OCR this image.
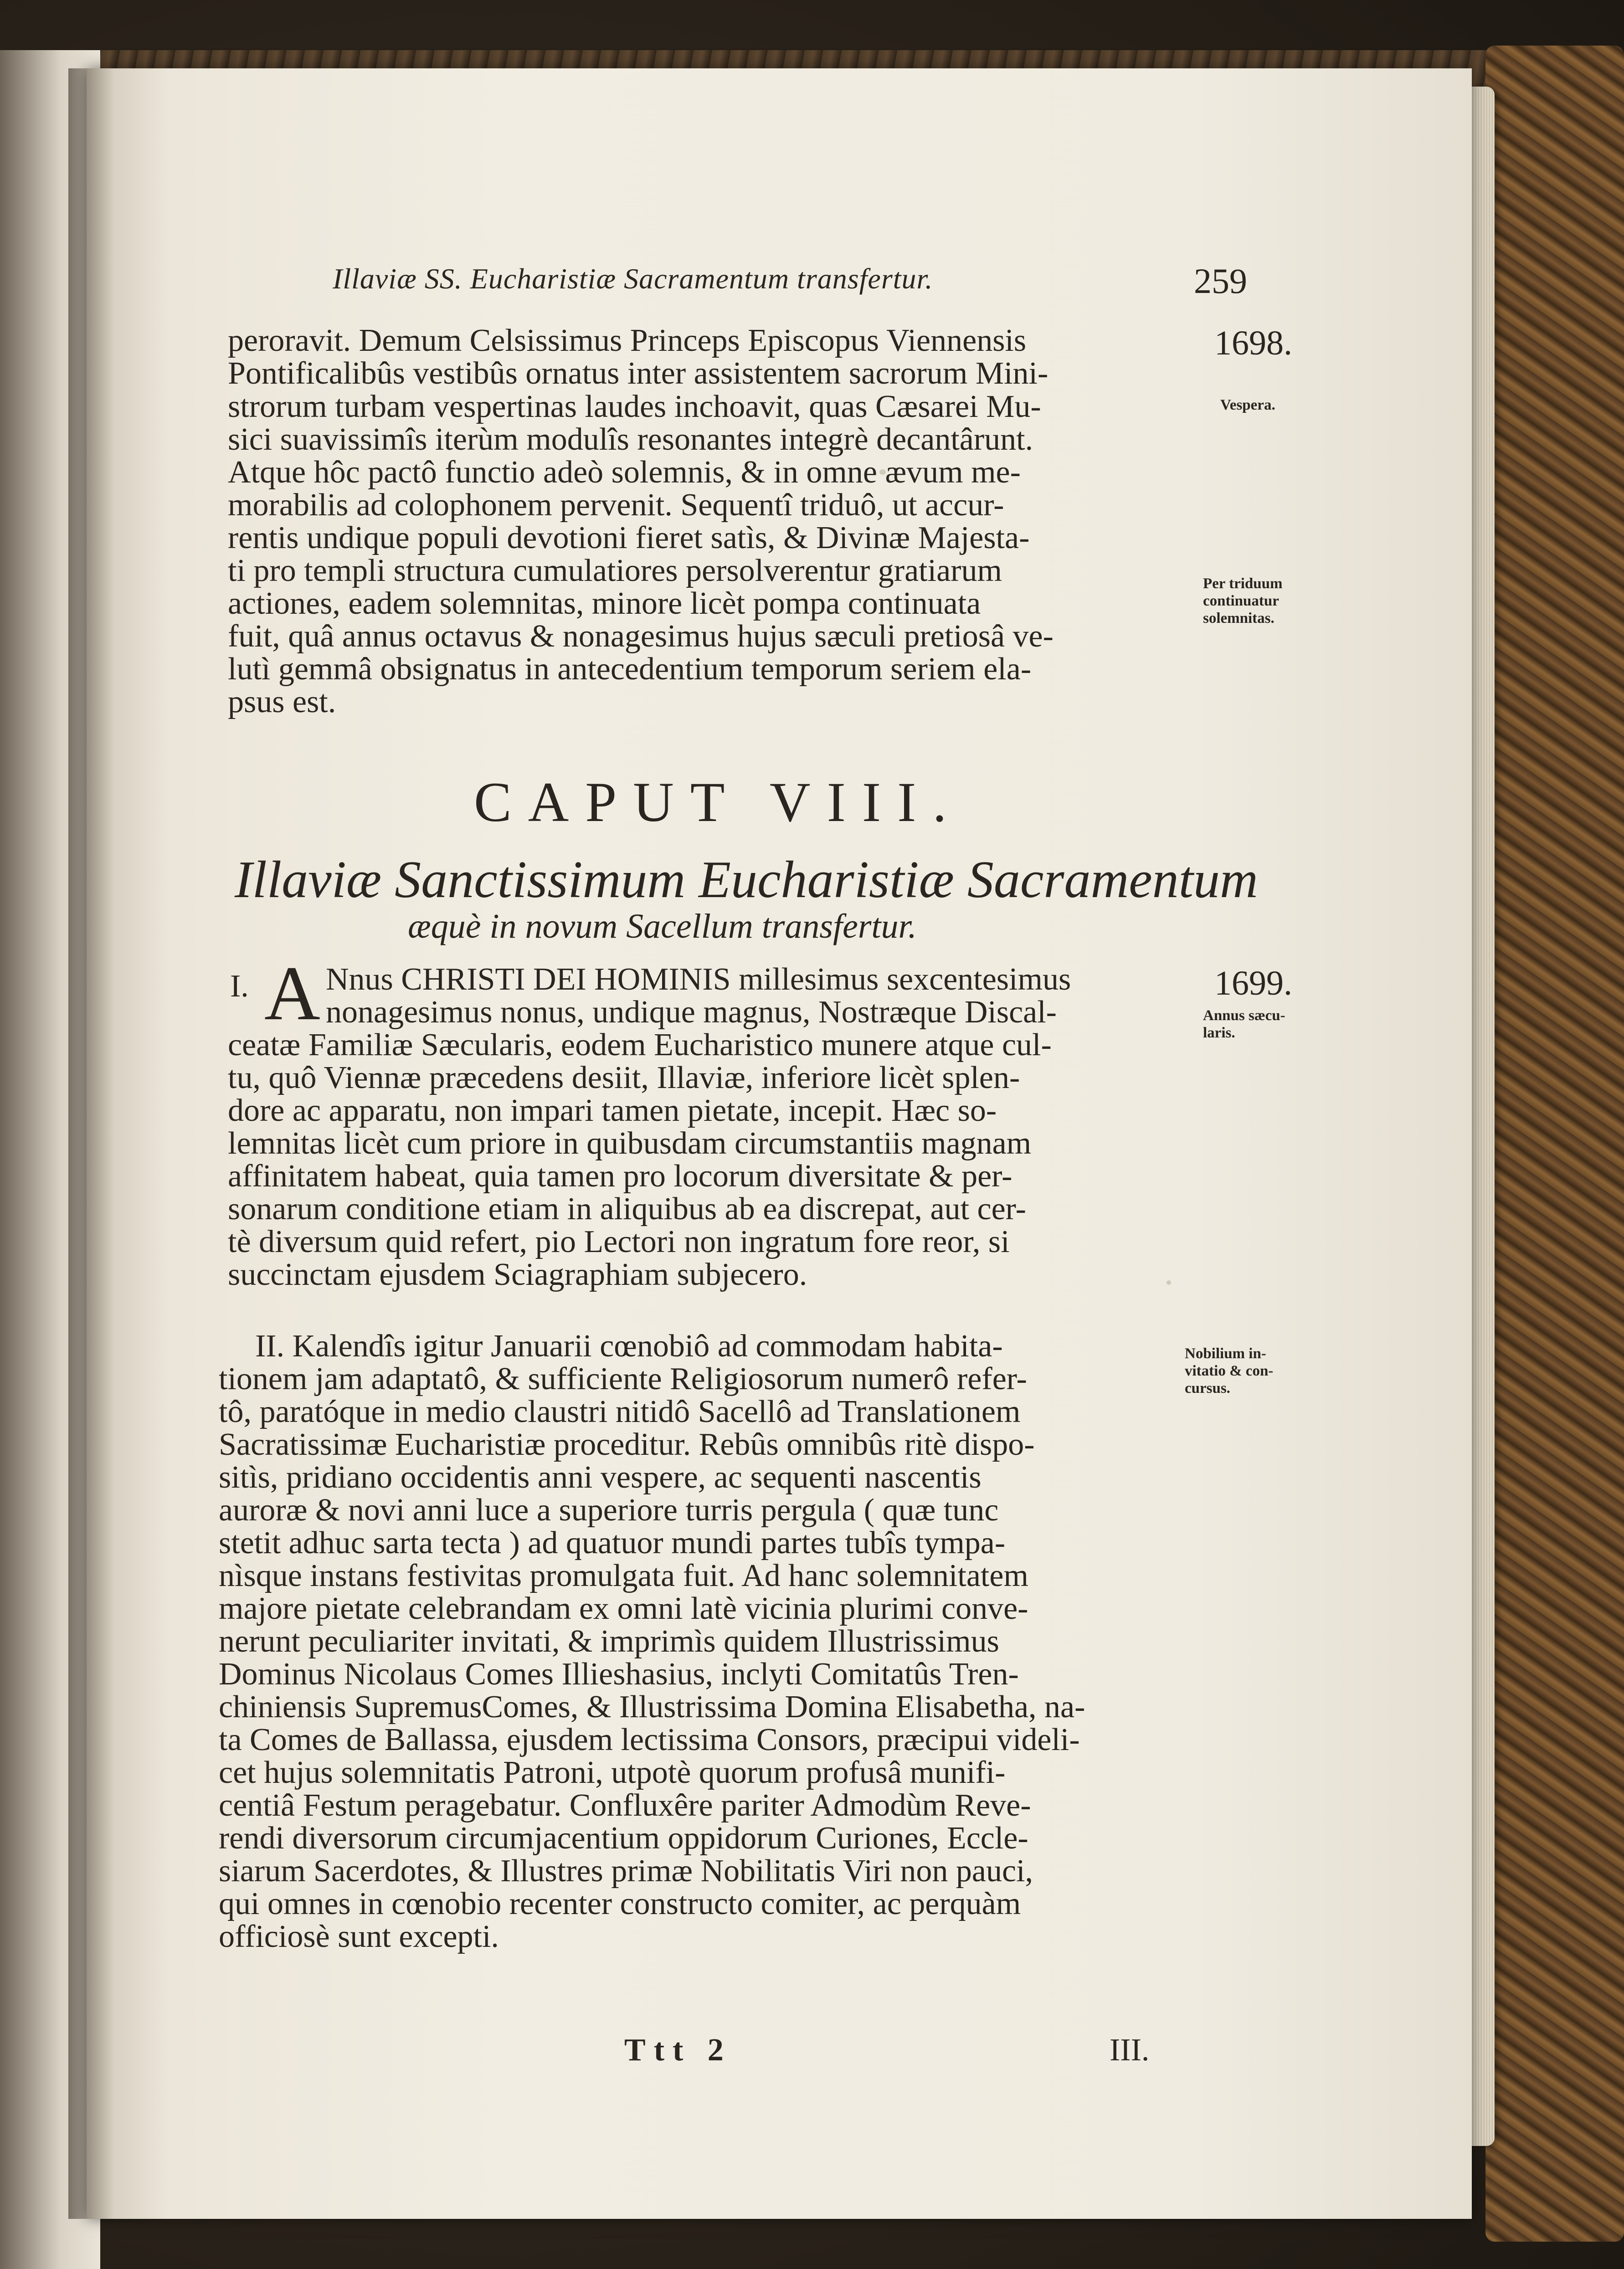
Illaviæ SS. Eucharistiæ Sacramentum transfertur.	259
peroravit. Demum Celsissimus Princeps Episcopus Viennensis
Pontificalibûs vestibûs ornatus inter assistentem sacrorum Mini-
strorum turbam vespertinas laudes inchoavit, quas Cæsarei Mu-
sici suavissimîs iterùm modulîs resonantes integrè decantârunt.
Atque hôc pactô functio adeò solemnis, & in omne ævum me-
morabilis ad colophonem pervenit. Sequentî triduô, ut accur-
rentis undique populi devotioni fieret satìs, & Divinæ Majesta-
ti pro templi structura cumulatiores persolverentur gratiarum
actiones, eadem solemnitas, minore licèt pompa continuata
fuit, quâ annus octavus & nonagesimus hujus sæculi pretiosâ ve-
lutì gemmâ obsignatus in antecedentium temporum seriem ela-
psus est.
CAPUT VIII.
Illaviæ Sanctissimum Eucharistiæ Sacramentum
æquè in novum Sacellum transfertur.
I. A Nnus CHRISTI DEI HOMINIS millesimus sexcentesimus
nonagesimus nonus, undique magnus, Nostræque Discal-
ceatæ Familiæ Sæcularis, eodem Eucharistico munere atque cul-
tu, quô Viennæ præcedens desiit, Illaviæ, inferiore licèt splen-
dore ac apparatu, non impari tamen pietate, incepit. Hæc so-
lemnitas licèt cum priore in quibusdam circumstantiis magnam
affinitatem habeat, quia tamen pro locorum diversitate & per-
sonarum conditione etiam in aliquibus ab ea discrepat, aut cer-
tè diversum quid refert, pio Lectori non ingratum fore reor, si
succinctam ejusdem Sciagraphiam subjecero.
II. Kalendîs igitur Januarii cœnobiô ad commodam habita-
tionem jam adaptatô, & sufficiente Religiosorum numerô refer-
tô, paratóque in medio claustri nitidô Sacellô ad Translationem
Sacratissimæ Eucharistiæ proceditur. Rebûs omnibûs ritè dispo-
sitìs, pridiano occidentis anni vespere, ac sequenti nascentis
auroræ & novi anni luce a superiore turris pergula ( quæ tunc
stetit adhuc sarta tecta ) ad quatuor mundi partes tubîs tympa-
nìsque instans festivitas promulgata fuit. Ad hanc solemnitatem
majore pietate celebrandam ex omni latè vicinia plurimi conve-
nerunt peculiariter invitati, & imprimìs quidem Illustrissimus
Dominus Nicolaus Comes Illieshasius, inclyti Comitatûs Tren-
chiniensis SupremusComes, & Illustrissima Domina Elisabetha, na-
ta Comes de Ballassa, ejusdem lectissima Consors, præcipui videli-
cet hujus solemnitatis Patroni, utpotè quorum profusâ munifi-
centiâ Festum peragebatur. Confluxêre pariter Admodùm Reve-
rendi diversorum circumjacentium oppidorum Curiones, Eccle-
siarum Sacerdotes, & Illustres primæ Nobilitatis Viri non pauci,
qui omnes in cœnobio recenter constructo comiter, ac perquàm
officiosè sunt excepti.
Ttt 2	III.
1698.
Vespera.
Per triduum
continuatur
solemnitas.
1699.
Annus sæcu-
laris.
Nobilium in-
vitatio & con-
cursus.
